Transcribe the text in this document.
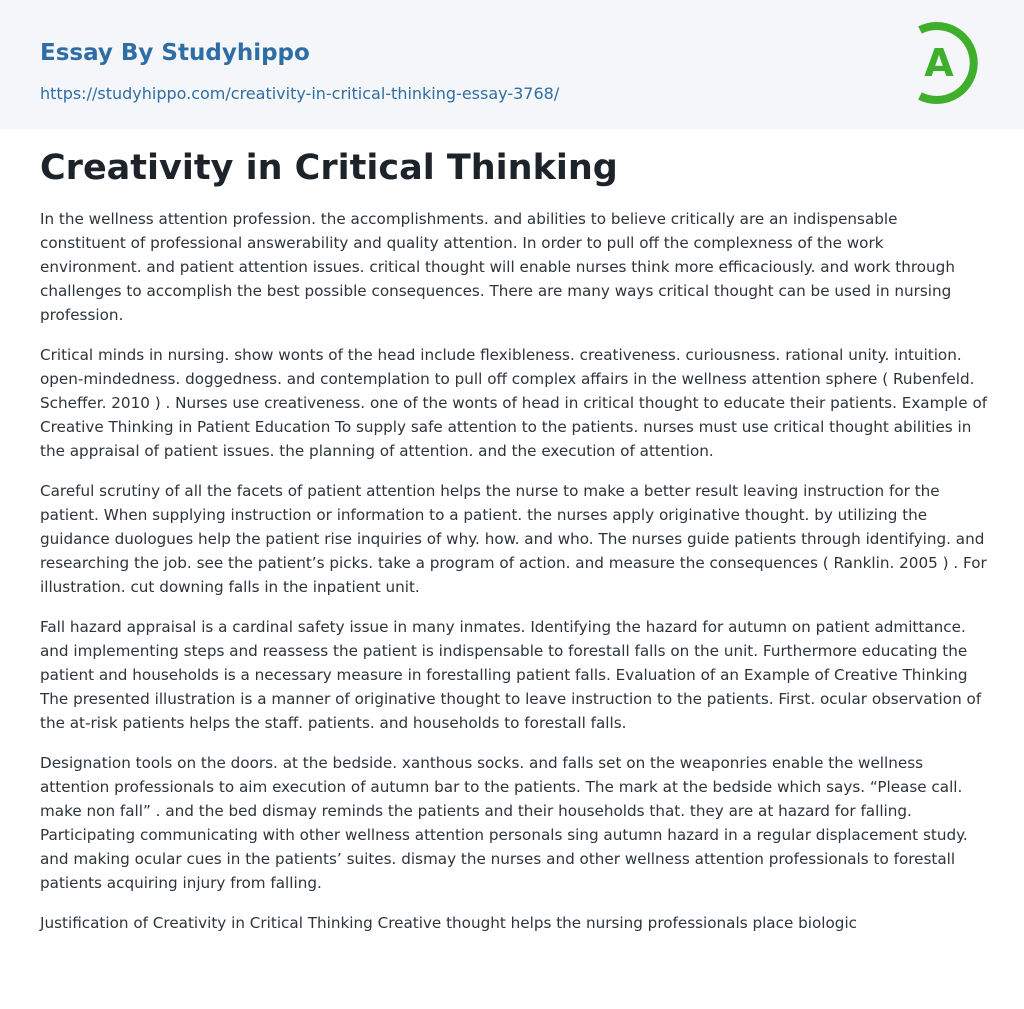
Essay By Studyhippo
https://studyhippo.com/creativity-in-critical-thinking-essay-3768/
A
Creativity in Critical Thinking

In the wellness attention profession. the accomplishments. and abilities to believe critically are an indispensable constituent of professional answerability and quality attention. In order to pull off the complexness of the work environment. and patient attention issues. critical thought will enable nurses think more efficaciously. and work through challenges to accomplish the best possible consequences. There are many ways critical thought can be used in nursing profession.

Critical minds in nursing. show wonts of the head include flexibleness. creativeness. curiousness. rational unity. intuition. open-mindedness. doggedness. and contemplation to pull off complex affairs in the wellness attention sphere ( Rubenfeld. Scheffer. 2010 ) . Nurses use creativeness. one of the wonts of head in critical thought to educate their patients. Example of Creative Thinking in Patient Education To supply safe attention to the patients. nurses must use critical thought abilities in the appraisal of patient issues. the planning of attention. and the execution of attention.

Careful scrutiny of all the facets of patient attention helps the nurse to make a better result leaving instruction for the patient. When supplying instruction or information to a patient. the nurses apply originative thought. by utilizing the guidance duologues help the patient rise inquiries of why. how. and who. The nurses guide patients through identifying. and researching the job. see the patient’s picks. take a program of action. and measure the consequences ( Ranklin. 2005 ) . For illustration. cut downing falls in the inpatient unit.

Fall hazard appraisal is a cardinal safety issue in many inmates. Identifying the hazard for autumn on patient admittance. and implementing steps and reassess the patient is indispensable to forestall falls on the unit. Furthermore educating the patient and households is a necessary measure in forestalling patient falls. Evaluation of an Example of Creative Thinking The presented illustration is a manner of originative thought to leave instruction to the patients. First. ocular observation of the at-risk patients helps the staff. patients. and households to forestall falls.

Designation tools on the doors. at the bedside. xanthous socks. and falls set on the weaponries enable the wellness attention professionals to aim execution of autumn bar to the patients. The mark at the bedside which says. “Please call. make non fall” . and the bed dismay reminds the patients and their households that. they are at hazard for falling. Participating communicating with other wellness attention personals sing autumn hazard in a regular displacement study. and making ocular cues in the patients’ suites. dismay the nurses and other wellness attention professionals to forestall patients acquiring injury from falling.

Justification of Creativity in Critical Thinking Creative thought helps the nursing professionals place biologic
